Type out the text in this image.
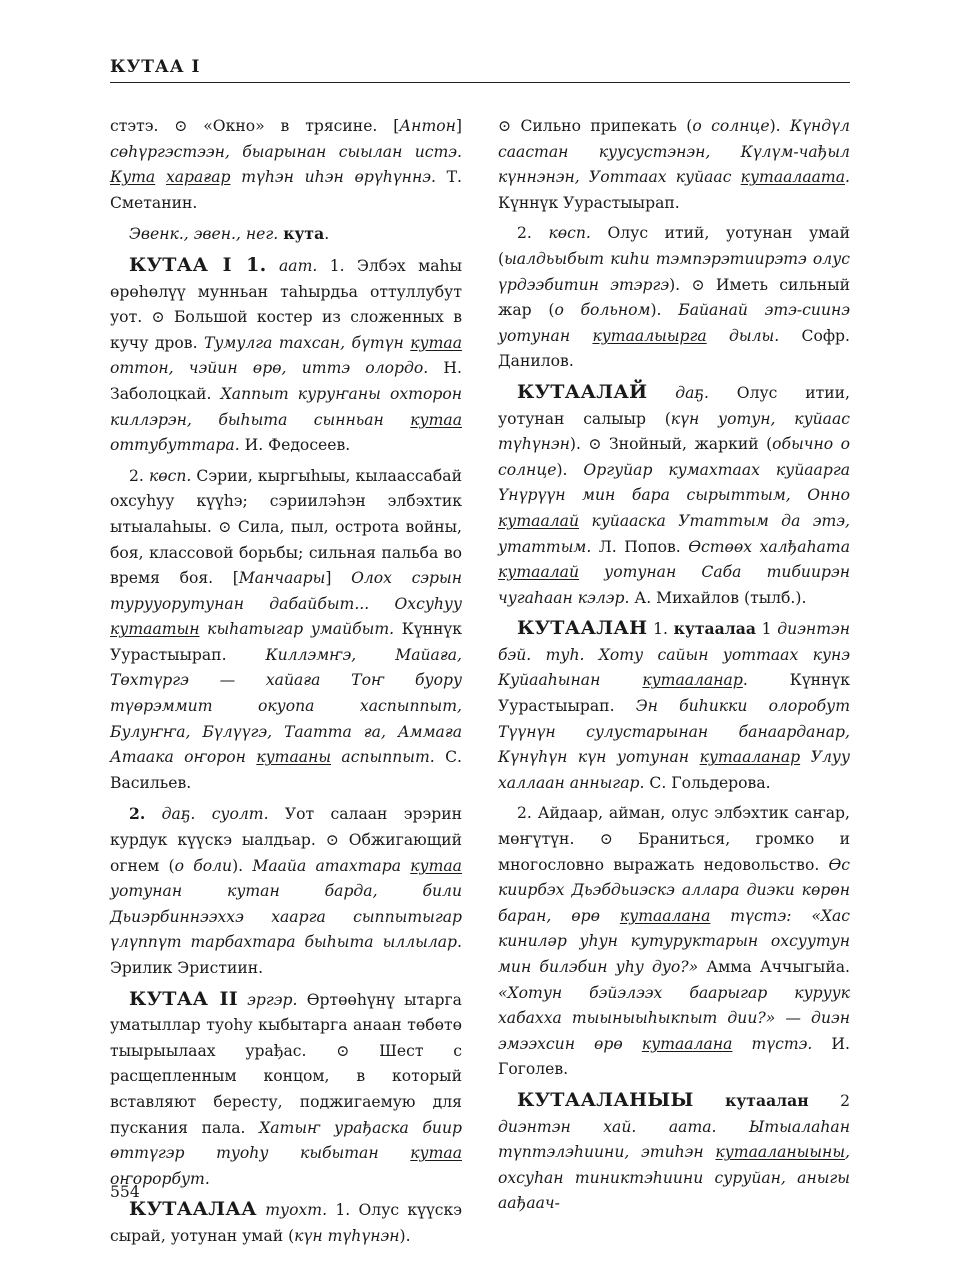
КУТАА I

стэтэ. ⊙ «Окно» в трясине. [Антон] сөhүргэстээн, быарынан сыылан истэ. Кута харағар түhэн иhэн өрүhүннэ. Т. Сметанин.

Эвенк., эвен., нег. кута.

КУТАА I 1. аат. 1. Элбэх маhы өрөhөлүү мунньан таhырдьа оттуллубут уот. ⊙ Большой костер из сложенных в кучу дров. Тумулга тахсан, бүтүн кутаа оттон, чэйин өрө, иттэ олордо. Н. Заболоцкай. Хаппыт куруҥаны охторон киллэрэн, быhыта сынньан кутаа оттубуттара. И. Федосеев.

2. көсп. Сэрии, кыргыhыы, кылаассабай охсуhуу күүhэ; сэриилэhэн элбэхтик ытыалаhыы. ⊙ Сила, пыл, острота войны, боя, классовой борьбы; сильная пальба во время боя. [Манчаары] Олох сэрын турууорутунан дабайбыт... Охсуhуу кутаатын кыhатыгар умайбыт. Күннүк Уурастыырап. Киллэмҥэ, Майаға, Төхтүргэ — хайаға Тоҥ буору түөрэммит окуопа хаспыппыт, Булуҥҥа, Бүлүүгэ, Таатта ға, Аммаға Атаака оҥорон кутааны аспыппыт. С. Васильев.

2. даҕ. суолт. Уот салаан эрэрин курдук күүскэ ыалдьар. ⊙ Обжигающий огнем (о боли). Маайа атахтара кутаа уотунан кутан барда, били Дьиэрбиннээххэ хаарга сыппытыгар үлүппүт тарбахтара быhыта ыллылар. Эрилик Эристиин.

КУТАА II эргэр. Өртөөhүнү ытарга уматыллар туоhу кыбытарга анаан төбөтө тыырыылаах урађас. ⊙ Шест с расщепленным концом, в который вставляют бересту, поджигаемую для пускания пала. Хатыҥ урађаска биир өттүгэр туоhу кыбытан кутаа оҥорорбут.

КУТААЛАА туохт. 1. Олус күүскэ сырай, уотунан умай (күн түhүнэн).

⊙ Сильно припекать (о солнце). Күндүл сааcтан куусустэнэн, Күлүм-чађыл күннэнэн, Уоттаах куйаас кутаалаата. Күннүк Уурастыырап.

2. көсп. Олус итий, уотунан умай (ыалдьыбыт киhи тэмпэрэтиирэтэ олус үрдээбитин этэргэ). ⊙ Иметь сильный жар (о больном). Байанай этэ-сиинэ уотунан кутаалыырга дылы. Софр. Данилов.

КУТААЛАЙ даҕ. Олус итии, уотунан салыыр (күн уотун, куйаас түhүнэн). ⊙ Знойный, жаркий (обычно о солнце). Оргуйар кумахтаах куйаарга Үнүрүүн мин бара сырыттым, Онно кутаалай куйааска Утаттым да этэ, утаттым. Л. Попов. Өстөөх халђаhата кутаалай уотунан Саба тибиирэн чугаhаан кэлэр. А. Михайлов (тылб.).

КУТААЛАН 1. кутаалаа 1 диэнтэн бэй. туh. Хоту сайын уоттаах кунэ Куйааhынан кутааланар. Күннүк Уурастыырап. Эн биhикки олоробут Түүнүн сулустарынан банаарданар, Күнүhүн күн уотунан кутааланар Улуу халлаан анныгар. С. Гольдерова.

2. Айдаар, айман, олус элбэхтик саҥар, мөҥүтүн. ⊙ Браниться, громко и многословно выражать недовольство. Өс киирбэх Дьэбдьиэскэ аллара диэки көрөн баран, өрө кутаалана түстэ: «Хас киниләр уhун кутуруктарын охсуутун мин билэбин уhу дуо?» Амма Аччыгыйа. «Хотун бэйэлээх баарыгар куруук хабахха тыыныыhыкпыт дии?» — диэн эмээхсин өрө кутаалана түстэ. И. Гоголев.

КУТААЛАНЫЫ кутаалан 2 диэнтэн хай. аата. Ытыалаhан түптэлэhиини, этиhэн кутааланыыны, охсуhан тиниктэhиини суруйан, аныгы аађаач-

554
